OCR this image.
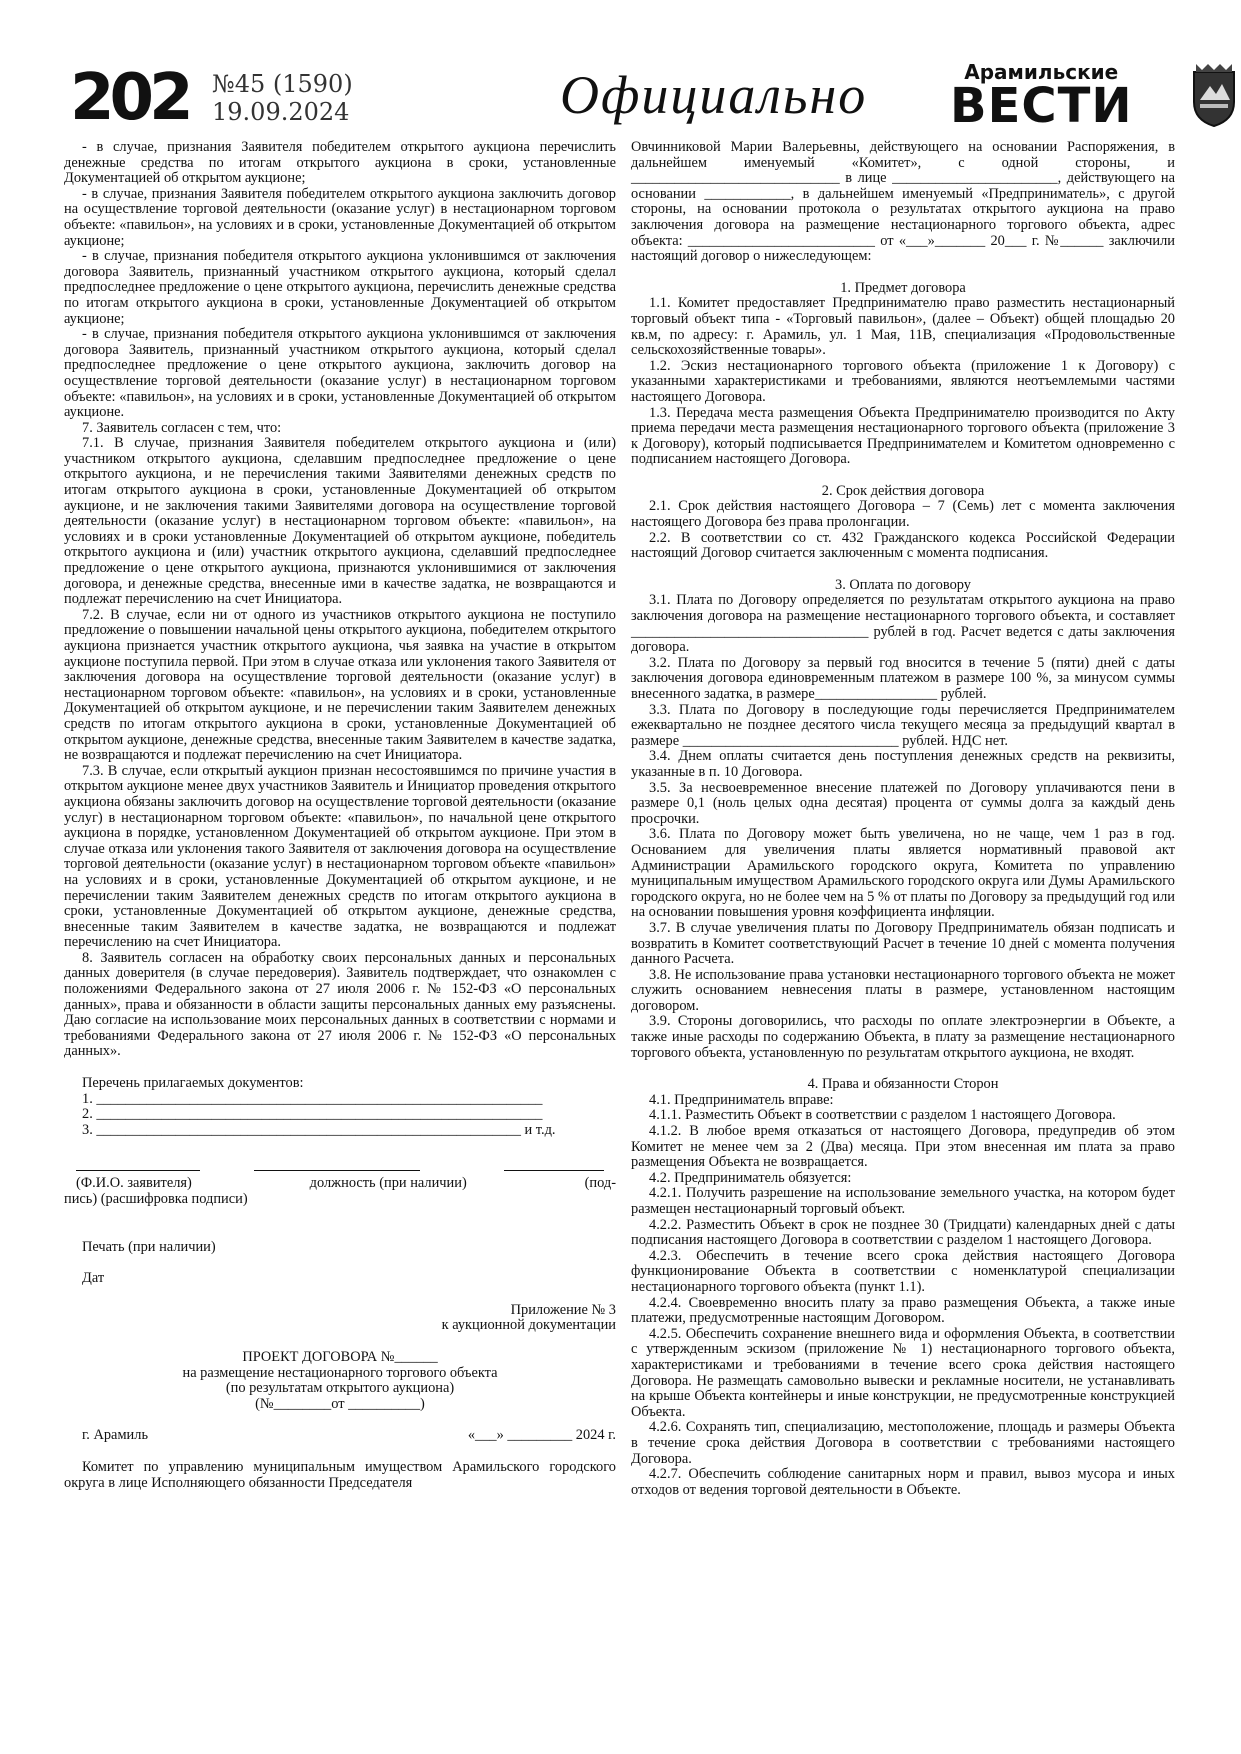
202 №45 (1590)
19.09.2024	Официально	Арамильские
ВЕСТИ

- в случае, признания Заявителя победителем открытого аукциона перечислить денежные средства по итогам открытого аукциона в сроки, установленные Документацией об открытом аукционе;

- в случае, признания Заявителя победителем открытого аукциона заключить договор на осуществление торговой деятельности (оказание услуг) в нестационарном торговом объекте: «павильон», на условиях и в сроки, установленные Документацией об открытом аукционе;

- в случае, признания победителя открытого аукциона уклонившимся от заключения договора Заявитель, признанный участником открытого аукциона, который сделал предпоследнее предложение о цене открытого аукциона, перечислить денежные средства по итогам открытого аукциона в сроки, установленные Документацией об открытом аукционе;

- в случае, признания победителя открытого аукциона уклонившимся от заключения договора Заявитель, признанный участником открытого аукциона, который сделал предпоследнее предложение о цене открытого аукциона, заключить договор на осуществление торговой деятельности (оказание услуг) в нестационарном торговом объекте: «павильон», на условиях и в сроки, установленные Документацией об открытом аукционе.

7. Заявитель согласен с тем, что:

7.1. В случае, признания Заявителя победителем открытого аукциона и (или) участником открытого аукциона, сделавшим предпоследнее предложение о цене открытого аукциона, и не перечисления такими Заявителями денежных средств по итогам открытого аукциона в сроки, установленные Документацией об открытом аукционе, и не заключения такими Заявителями договора на осуществление торговой деятельности (оказание услуг) в нестационарном торговом объекте: «павильон», на условиях и в сроки установленные Документацией об открытом аукционе, победитель открытого аукциона и (или) участник открытого аукциона, сделавший предпоследнее предложение о цене открытого аукциона, признаются уклонившимися от заключения договора, и денежные средства, внесенные ими в качестве задатка, не возвращаются и подлежат перечислению на счет Инициатора.

7.2. В случае, если ни от одного из участников открытого аукциона не поступило предложение о повышении начальной цены открытого аукциона, победителем открытого аукциона признается участник открытого аукциона, чья заявка на участие в открытом аукционе поступила первой. При этом в случае отказа или уклонения такого Заявителя от заключения договора на осуществление торговой деятельности (оказание услуг) в нестационарном торговом объекте: «павильон», на условиях и в сроки, установленные Документацией об открытом аукционе, и не перечислении таким Заявителем денежных средств по итогам открытого аукциона в сроки, установленные Документацией об открытом аукционе, денежные средства, внесенные таким Заявителем в качестве задатка, не возвращаются и подлежат перечислению на счет Инициатора.

7.3. В случае, если открытый аукцион признан несостоявшимся по причине участия в открытом аукционе менее двух участников Заявитель и Инициатор проведения открытого аукциона обязаны заключить договор на осуществление торговой деятельности (оказание услуг) в нестационарном торговом объекте: «павильон», по начальной цене открытого аукциона в порядке, установленном Документацией об открытом аукционе. При этом в случае отказа или уклонения такого Заявителя от заключения договора на осуществление торговой деятельности (оказание услуг) в нестационарном торговом объекте «павильон» на условиях и в сроки, установленные Документацией об открытом аукционе, и не перечислении таким Заявителем денежных средств по итогам открытого аукциона в сроки, установленные Документацией об открытом аукционе, денежные средства, внесенные таким Заявителем в качестве задатка, не возвращаются и подлежат перечислению на счет Инициатора.

8. Заявитель согласен на обработку своих персональных данных и персональных данных доверителя (в случае передоверия). Заявитель подтверждает, что ознакомлен с положениями Федерального закона от 27 июля 2006 г. № 152-ФЗ «О персональных данных», права и обязанности в области защиты персональных данных ему разъяснены. Даю согласие на использование моих персональных данных в соответствии с нормами и требованиями Федерального закона от 27 июля 2006 г. № 152-ФЗ «О персональных данных».

Перечень прилагаемых документов:

1. ______________________________________________________________

2. ______________________________________________________________

3. ___________________________________________________________ и т.д.

(Ф.И.О. заявителя)	должность (при наличии)	(под-

пись) (расшифровка подписи)

Печать (при наличии)

Дат

Приложение № 3

к аукционной документации

ПРОЕКТ ДОГОВОРА №______

на размещение нестационарного торгового объекта

(по результатам открытого аукциона)

(№________от __________)

г. Арамиль	«___» _________ 2024 г.

Комитет по управлению муниципальным имуществом Арамильского городского округа в лице Исполняющего обязанности Председателя

Овчинниковой Марии Валерьевны, действующего на основании Распоряжения, в дальнейшем именуемый «Комитет», с одной стороны, и _____________________________ в лице _______________________, действующего на основании ____________, в дальнейшем именуемый «Предприниматель», с другой стороны, на основании протокола о результатах открытого аукциона на право заключения договора на размещение нестационарного торгового объекта, адрес объекта: __________________________ от «___»_______ 20___ г. №______ заключили настоящий договор о нижеследующем:

1. Предмет договора

1.1. Комитет предоставляет Предпринимателю право разместить нестационарный торговый объект типа - «Торговый павильон», (далее – Объект) общей площадью 20 кв.м, по адресу: г. Арамиль, ул. 1 Мая, 11В, специализация «Продовольственные сельскохозяйственные товары».

1.2. Эскиз нестационарного торгового объекта (приложение 1 к Договору) с указанными характеристиками и требованиями, являются неотъемлемыми частями настоящего Договора.

1.3. Передача места размещения Объекта Предпринимателю производится по Акту приема передачи места размещения нестационарного торгового объекта (приложение 3 к Договору), который подписывается Предпринимателем и Комитетом одновременно с подписанием настоящего Договора.

2. Срок действия договора

2.1. Срок действия настоящего Договора – 7 (Семь) лет с момента заключения настоящего Договора без права пролонгации.

2.2. В соответствии со ст. 432 Гражданского кодекса Российской Федерации настоящий Договор считается заключенным с момента подписания.

3. Оплата по договору

3.1. Плата по Договору определяется по результатам открытого аукциона на право заключения договора на размещение нестационарного торгового объекта, и составляет _________________________________ рублей в год. Расчет ведется с даты заключения договора.

3.2. Плата по Договору за первый год вносится в течение 5 (пяти) дней с даты заключения договора единовременным платежом в размере 100 %, за минусом суммы внесенного задатка, в размере_________________ рублей.

3.3. Плата по Договору в последующие годы перечисляется Предпринимателем ежеквартально не позднее десятого числа текущего месяца за предыдущий квартал в размере ______________________________ рублей. НДС нет.

3.4. Днем оплаты считается день поступления денежных средств на реквизиты, указанные в п. 10 Договора.

3.5. За несвоевременное внесение платежей по Договору уплачиваются пени в размере 0,1 (ноль целых одна десятая) процента от суммы долга за каждый день просрочки.

3.6. Плата по Договору может быть увеличена, но не чаще, чем 1 раз в год. Основанием для увеличения платы является нормативный правовой акт Администрации Арамильского городского округа, Комитета по управлению муниципальным имуществом Арамильского городского округа или Думы Арамильского городского округа, но не более чем на 5 % от платы по Договору за предыдущий год или на основании повышения уровня коэффициента инфляции.

3.7. В случае увеличения платы по Договору Предприниматель обязан подписать и возвратить в Комитет соответствующий Расчет в течение 10 дней с момента получения данного Расчета.

3.8. Не использование права установки нестационарного торгового объекта не может служить основанием невнесения платы в размере, установленном настоящим договором.

3.9. Стороны договорились, что расходы по оплате электроэнергии в Объекте, а также иные расходы по содержанию Объекта, в плату за размещение нестационарного торгового объекта, установленную по результатам открытого аукциона, не входят.

4. Права и обязанности Сторон

4.1. Предприниматель вправе:

4.1.1. Разместить Объект в соответствии с разделом 1 настоящего Договора.

4.1.2. В любое время отказаться от настоящего Договора, предупредив об этом Комитет не менее чем за 2 (Два) месяца. При этом внесенная им плата за право размещения Объекта не возвращается.

4.2. Предприниматель обязуется:

4.2.1. Получить разрешение на использование земельного участка, на котором будет размещен нестационарный торговый объект.

4.2.2. Разместить Объект в срок не позднее 30 (Тридцати) календарных дней с даты подписания настоящего Договора в соответствии с разделом 1 настоящего Договора.

4.2.3. Обеспечить в течение всего срока действия настоящего Договора функционирование Объекта в соответствии с номенклатурой специализации нестационарного торгового объекта (пункт 1.1).

4.2.4. Своевременно вносить плату за право размещения Объекта, а также иные платежи, предусмотренные настоящим Договором.

4.2.5. Обеспечить сохранение внешнего вида и оформления Объекта, в соответствии с утвержденным эскизом (приложение № 1) нестационарного торгового объекта, характеристиками и требованиями в течение всего срока действия настоящего Договора. Не размещать самовольно вывески и рекламные носители, не устанавливать на крыше Объекта контейнеры и иные конструкции, не предусмотренные конструкцией Объекта.

4.2.6. Сохранять тип, специализацию, местоположение, площадь и размеры Объекта в течение срока действия Договора в соответствии с требованиями настоящего Договора.

4.2.7. Обеспечить соблюдение санитарных норм и правил, вывоз мусора и иных отходов от ведения торговой деятельности в Объекте.
